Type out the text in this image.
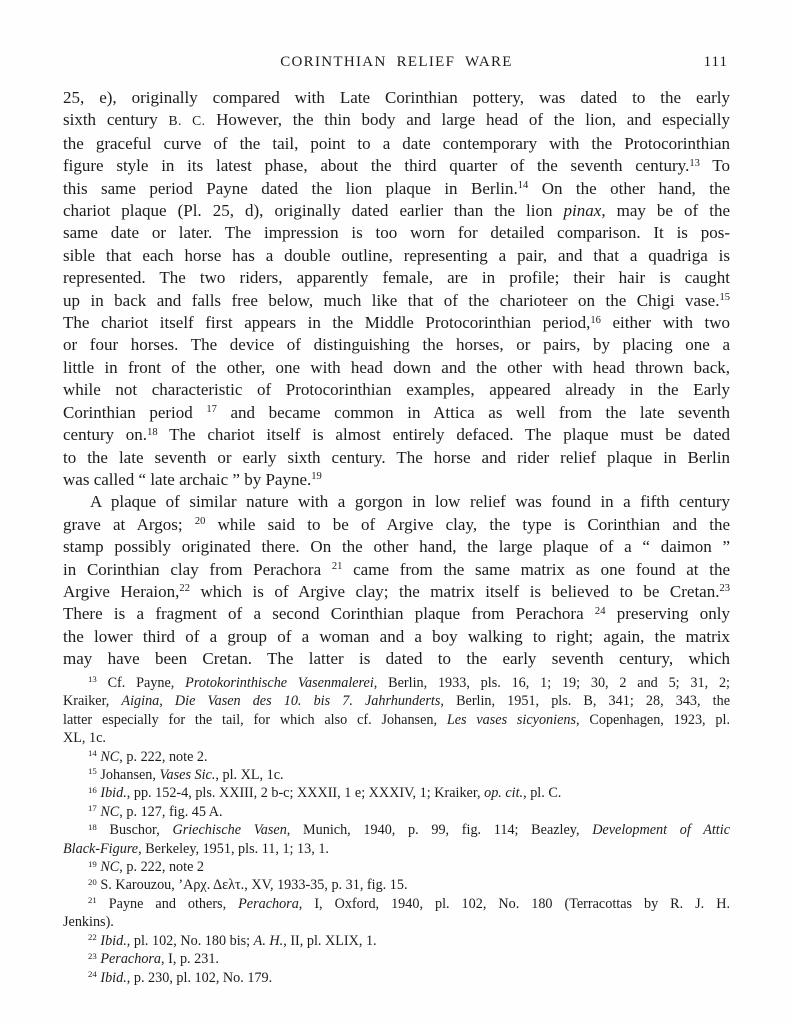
CORINTHIAN RELIEF WARE	111
25, e), originally compared with Late Corinthian pottery, was dated to the early
sixth century B. C. However, the thin body and large head of the lion, and especially
the graceful curve of the tail, point to a date contemporary with the Protocorinthian
figure style in its latest phase, about the third quarter of the seventh century.$^{13}$ To
this same period Payne dated the lion plaque in Berlin.$^{14}$ On the other hand, the
chariot plaque (Pl. 25, d), originally dated earlier than the lion pinax, may be of the
same date or later. The impression is too worn for detailed comparison. It is pos-
sible that each horse has a double outline, representing a pair, and that a quadriga is
represented. The two riders, apparently female, are in profile; their hair is caught
up in back and falls free below, much like that of the charioteer on the Chigi vase.$^{15}$
The chariot itself first appears in the Middle Protocorinthian period,$^{16}$ either with two
or four horses. The device of distinguishing the horses, or pairs, by placing one a
little in front of the other, one with head down and the other with head thrown back,
while not characteristic of Protocorinthian examples, appeared already in the Early
Corinthian period $^{17}$ and became common in Attica as well from the late seventh
century on.$^{18}$ The chariot itself is almost entirely defaced. The plaque must be dated
to the late seventh or early sixth century. The horse and rider relief plaque in Berlin
was called “ late archaic ” by Payne.$^{19}$
A plaque of similar nature with a gorgon in low relief was found in a fifth century
grave at Argos; $^{20}$ while said to be of Argive clay, the type is Corinthian and the
stamp possibly originated there. On the other hand, the large plaque of a “ daimon ”
in Corinthian clay from Perachora $^{21}$ came from the same matrix as one found at the
Argive Heraion,$^{22}$ which is of Argive clay; the matrix itself is believed to be Cretan.$^{23}$
There is a fragment of a second Corinthian plaque from Perachora $^{24}$ preserving only
the lower third of a group of a woman and a boy walking to right; again, the matrix
may have been Cretan. The latter is dated to the early seventh century, which
$^{13}$ Cf. Payne, Protokorinthische Vasenmalerei, Berlin, 1933, pls. 16, 1; 19; 30, 2 and 5; 31, 2;
Kraiker, Aigina, Die Vasen des 10. bis 7. Jahrhunderts, Berlin, 1951, pls. B, 341; 28, 343, the
latter especially for the tail, for which also cf. Johansen, Les vases sicyoniens, Copenhagen, 1923, pl.
XL, 1c.
$^{14}$ NC, p. 222, note 2.
$^{15}$ Johansen, Vases Sic., pl. XL, 1c.
$^{16}$ Ibid., pp. 152-4, pls. XXIII, 2 b-c; XXXII, 1 e; XXXIV, 1; Kraiker, op. cit., pl. C.
$^{17}$ NC, p. 127, fig. 45 A.
$^{18}$ Buschor, Griechische Vasen, Munich, 1940, p. 99, fig. 114; Beazley, Development of Attic
Black-Figure, Berkeley, 1951, pls. 11, 1; 13, 1.
$^{19}$ NC, p. 222, note 2
$^{20}$ S. Karouzou, ’Αρχ. Δελτ., XV, 1933-35, p. 31, fig. 15.
$^{21}$ Payne and others, Perachora, I, Oxford, 1940, pl. 102, No. 180 (Terracottas by R. J. H.
Jenkins).
$^{22}$ Ibid., pl. 102, No. 180 bis; A. H., II, pl. XLIX, 1.
$^{23}$ Perachora, I, p. 231.
$^{24}$ Ibid., p. 230, pl. 102, No. 179.
